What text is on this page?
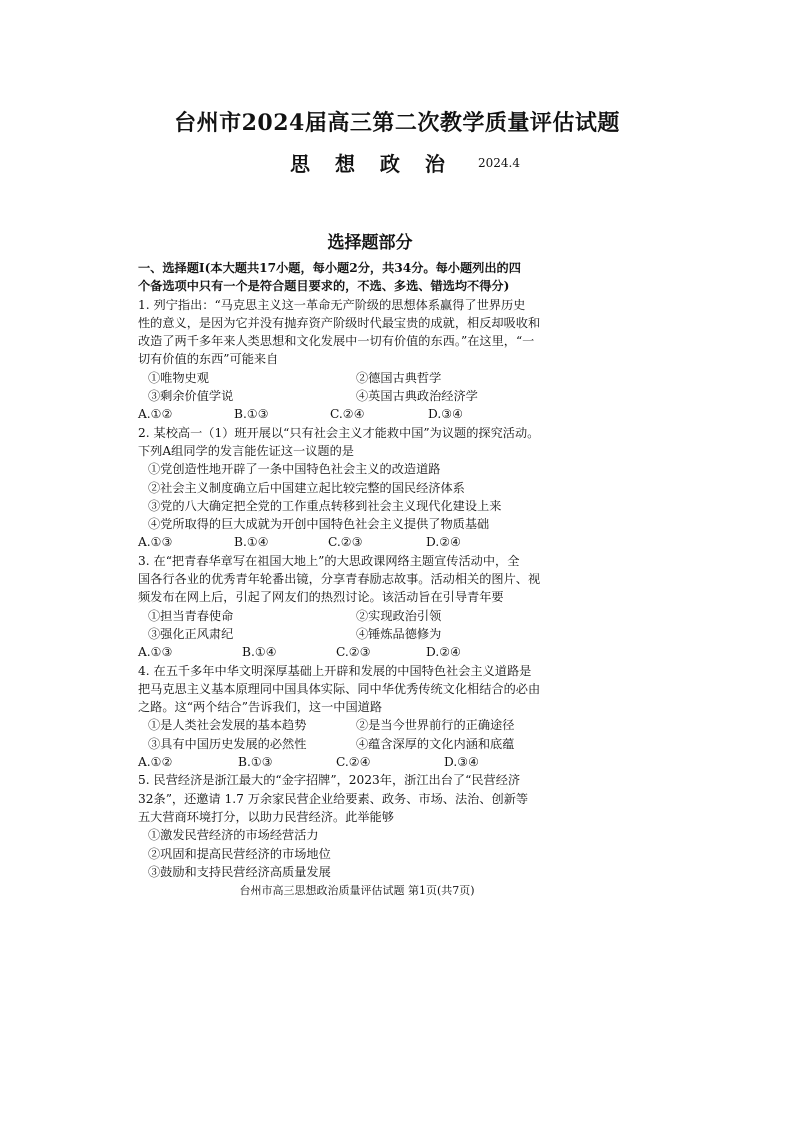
台州市2024届高三第二次教学质量评估试题
思 想 政 治 2024.4
选择题部分
一、选择题Ⅰ(本大题共17小题，每小题2分，共34分。每小题列出的四
个备选项中只有一个是符合题目要求的，不选、多选、错选均不得分)
1. 列宁指出：“马克思主义这一革命无产阶级的思想体系赢得了世界历史
性的意义，是因为它并没有抛弃资产阶级时代最宝贵的成就，相反却吸收和
改造了两千多年来人类思想和文化发展中一切有价值的东西。”在这里，“一
切有价值的东西”可能来自
①唯物史观	②德国古典哲学
③剩余价值学说	④英国古典政治经济学
A.①②	B.①③	C.②④	D.③④
2. 某校高一（1）班开展以“只有社会主义才能救中国”为议题的探究活动。
下列A组同学的发言能佐证这一议题的是
①党创造性地开辟了一条中国特色社会主义的改造道路
②社会主义制度确立后中国建立起比较完整的国民经济体系
③党的八大确定把全党的工作重点转移到社会主义现代化建设上来
④党所取得的巨大成就为开创中国特色社会主义提供了物质基础
A.①③	B.①④	C.②③	D.②④
3. 在“把青春华章写在祖国大地上”的大思政课网络主题宣传活动中，全
国各行各业的优秀青年轮番出镜，分享青春励志故事。活动相关的图片、视
频发布在网上后，引起了网友们的热烈讨论。该活动旨在引导青年要
①担当青春使命	②实现政治引领
③强化正风肃纪	④锤炼品德修为
A.①③	B.①④	C.②③	D.②④
4. 在五千多年中华文明深厚基础上开辟和发展的中国特色社会主义道路是
把马克思主义基本原理同中国具体实际、同中华优秀传统文化相结合的必由
之路。这“两个结合”告诉我们，这一中国道路
①是人类社会发展的基本趋势	②是当今世界前行的正确途径
③具有中国历史发展的必然性	④蕴含深厚的文化内涵和底蕴
A.①②	B.①③	C.②④	D.③④
5. 民营经济是浙江最大的“金字招牌”，2023年，浙江出台了“民营经济
32条”，还邀请 1.7 万余家民营企业给要素、政务、市场、法治、创新等
五大营商环境打分，以助力民营经济。此举能够
①激发民营经济的市场经营活力
②巩固和提高民营经济的市场地位
③鼓励和支持民营经济高质量发展
台州市高三思想政治质量评估试题 第1页(共7页)
